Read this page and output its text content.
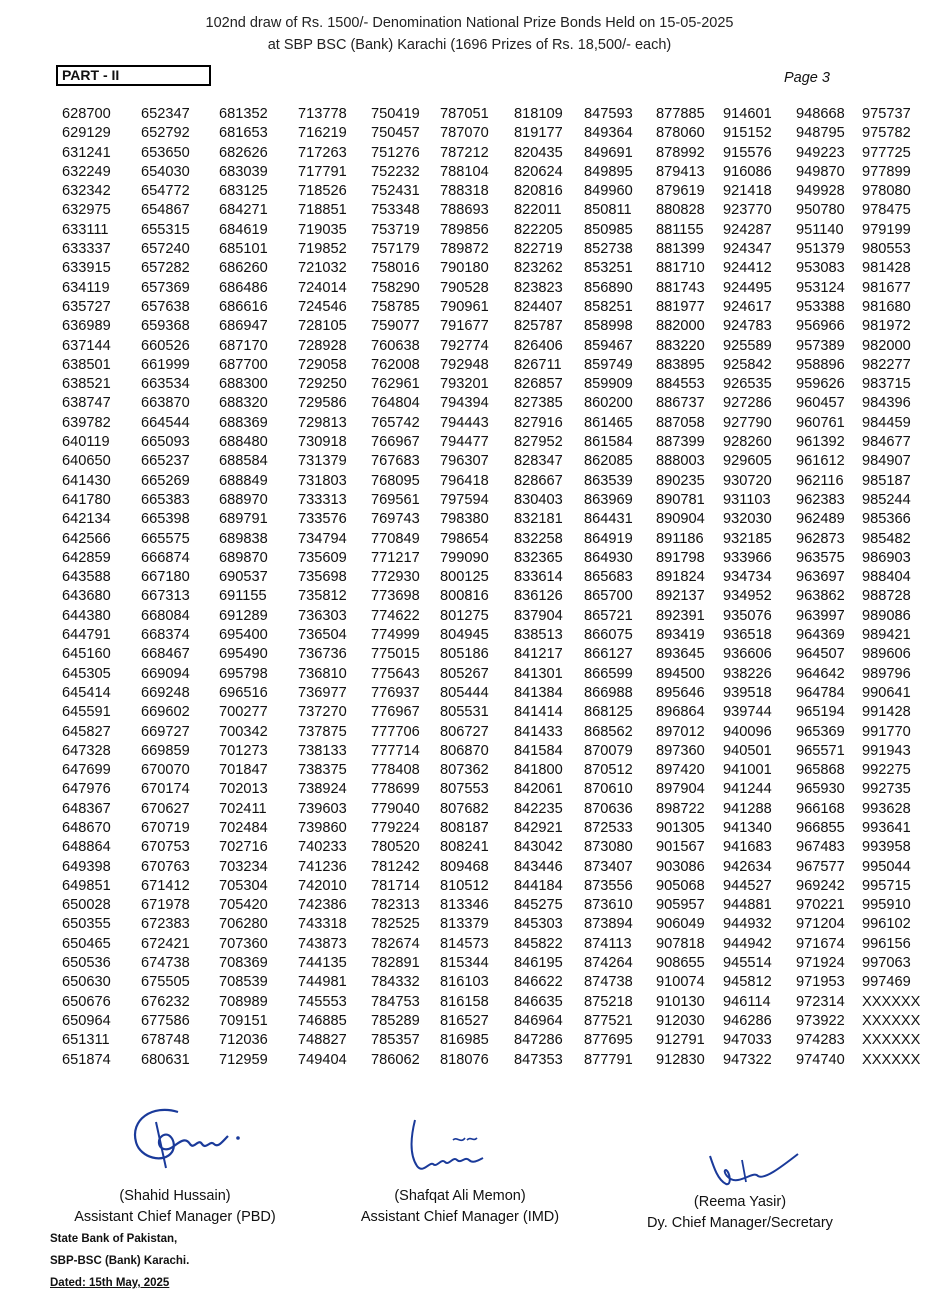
102nd draw of Rs. 1500/- Denomination National Prize Bonds Held on 15-05-2025
at SBP BSC (Bank) Karachi (1696 Prizes of Rs. 18,500/- each)
PART - II	Page 3
628700
629129
631241
632249
632342
632975
633111
633337
633915
634119
635727
636989
637144
638501
638521
638747
639782
640119
640650
641430
641780
642134
642566
642859
643588
643680
644380
644791
645160
645305
645414
645591
645827
647328
647699
647976
648367
648670
648864
649398
649851
650028
650355
650465
650536
650630
650676
650964
651311
651874
652347
652792
653650
654030
654772
654867
655315
657240
657282
657369
657638
659368
660526
661999
663534
663870
664544
665093
665237
665269
665383
665398
665575
666874
667180
667313
668084
668374
668467
669094
669248
669602
669727
669859
670070
670174
670627
670719
670753
670763
671412
671978
672383
672421
674738
675505
676232
677586
678748
680631
681352
681653
682626
683039
683125
684271
684619
685101
686260
686486
686616
686947
687170
687700
688300
688320
688369
688480
688584
688849
688970
689791
689838
689870
690537
691155
691289
695400
695490
695798
696516
700277
700342
701273
701847
702013
702411
702484
702716
703234
705304
705420
706280
707360
708369
708539
708989
709151
712036
712959
713778
716219
717263
717791
718526
718851
719035
719852
721032
724014
724546
728105
728928
729058
729250
729586
729813
730918
731379
731803
733313
733576
734794
735609
735698
735812
736303
736504
736736
736810
736977
737270
737875
738133
738375
738924
739603
739860
740233
741236
742010
742386
743318
743873
744135
744981
745553
746885
748827
749404
750419
750457
751276
752232
752431
753348
753719
757179
758016
758290
758785
759077
760638
762008
762961
764804
765742
766967
767683
768095
769561
769743
770849
771217
772930
773698
774622
774999
775015
775643
776937
776967
777706
777714
778408
778699
779040
779224
780520
781242
781714
782313
782525
782674
782891
784332
784753
785289
785357
786062
787051
787070
787212
788104
788318
788693
789856
789872
790180
790528
790961
791677
792774
792948
793201
794394
794443
794477
796307
796418
797594
798380
798654
799090
800125
800816
801275
804945
805186
805267
805444
805531
806727
806870
807362
807553
807682
808187
808241
809468
810512
813346
813379
814573
815344
816103
816158
816527
816985
818076
818109
819177
820435
820624
820816
822011
822205
822719
823262
823823
824407
825787
826406
826711
826857
827385
827916
827952
828347
828667
830403
832181
832258
832365
833614
836126
837904
838513
841217
841301
841384
841414
841433
841584
841800
842061
842235
842921
843042
843446
844184
845275
845303
845822
846195
846622
846635
846964
847286
847353
847593
849364
849691
849895
849960
850811
850985
852738
853251
856890
858251
858998
859467
859749
859909
860200
861465
861584
862085
863539
863969
864431
864919
864930
865683
865700
865721
866075
866127
866599
866988
868125
868562
870079
870512
870610
870636
872533
873080
873407
873556
873610
873894
874113
874264
874738
875218
877521
877695
877791
877885
878060
878992
879413
879619
880828
881155
881399
881710
881743
881977
882000
883220
883895
884553
886737
887058
887399
888003
890235
890781
890904
891186
891798
891824
892137
892391
893419
893645
894500
895646
896864
897012
897360
897420
897904
898722
901305
901567
903086
905068
905957
906049
907818
908655
910074
910130
912030
912791
912830
914601
915152
915576
916086
921418
923770
924287
924347
924412
924495
924617
924783
925589
925842
926535
927286
927790
928260
929605
930720
931103
932030
932185
933966
934734
934952
935076
936518
936606
938226
939518
939744
940096
940501
941001
941244
941288
941340
941683
942634
944527
944881
944932
944942
945514
945812
946114
946286
947033
947322
948668
948795
949223
949870
949928
950780
951140
951379
953083
953124
953388
956966
957389
958896
959626
960457
960761
961392
961612
962116
962383
962489
962873
963575
963697
963862
963997
964369
964507
964642
964784
965194
965369
965571
965868
965930
966168
966855
967483
967577
969242
970221
971204
971674
971924
971953
972314
973922
974283
974740
975737
975782
977725
977899
978080
978475
979199
980553
981428
981677
981680
981972
982000
982277
983715
984396
984459
984677
984907
985187
985244
985366
985482
986903
988404
988728
989086
989421
989606
989796
990641
991428
991770
991943
992275
992735
993628
993641
993958
995044
995715
995910
996102
996156
997063
997469
XXXXXX
XXXXXX
XXXXXX
XXXXXX
(Shahid Hussain)
Assistant Chief Manager (PBD)
(Shafqat Ali Memon)
Assistant Chief Manager (IMD)
(Reema Yasir)
Dy. Chief Manager/Secretary
State Bank of Pakistan,
SBP-BSC (Bank) Karachi.
Dated: 15th May, 2025
